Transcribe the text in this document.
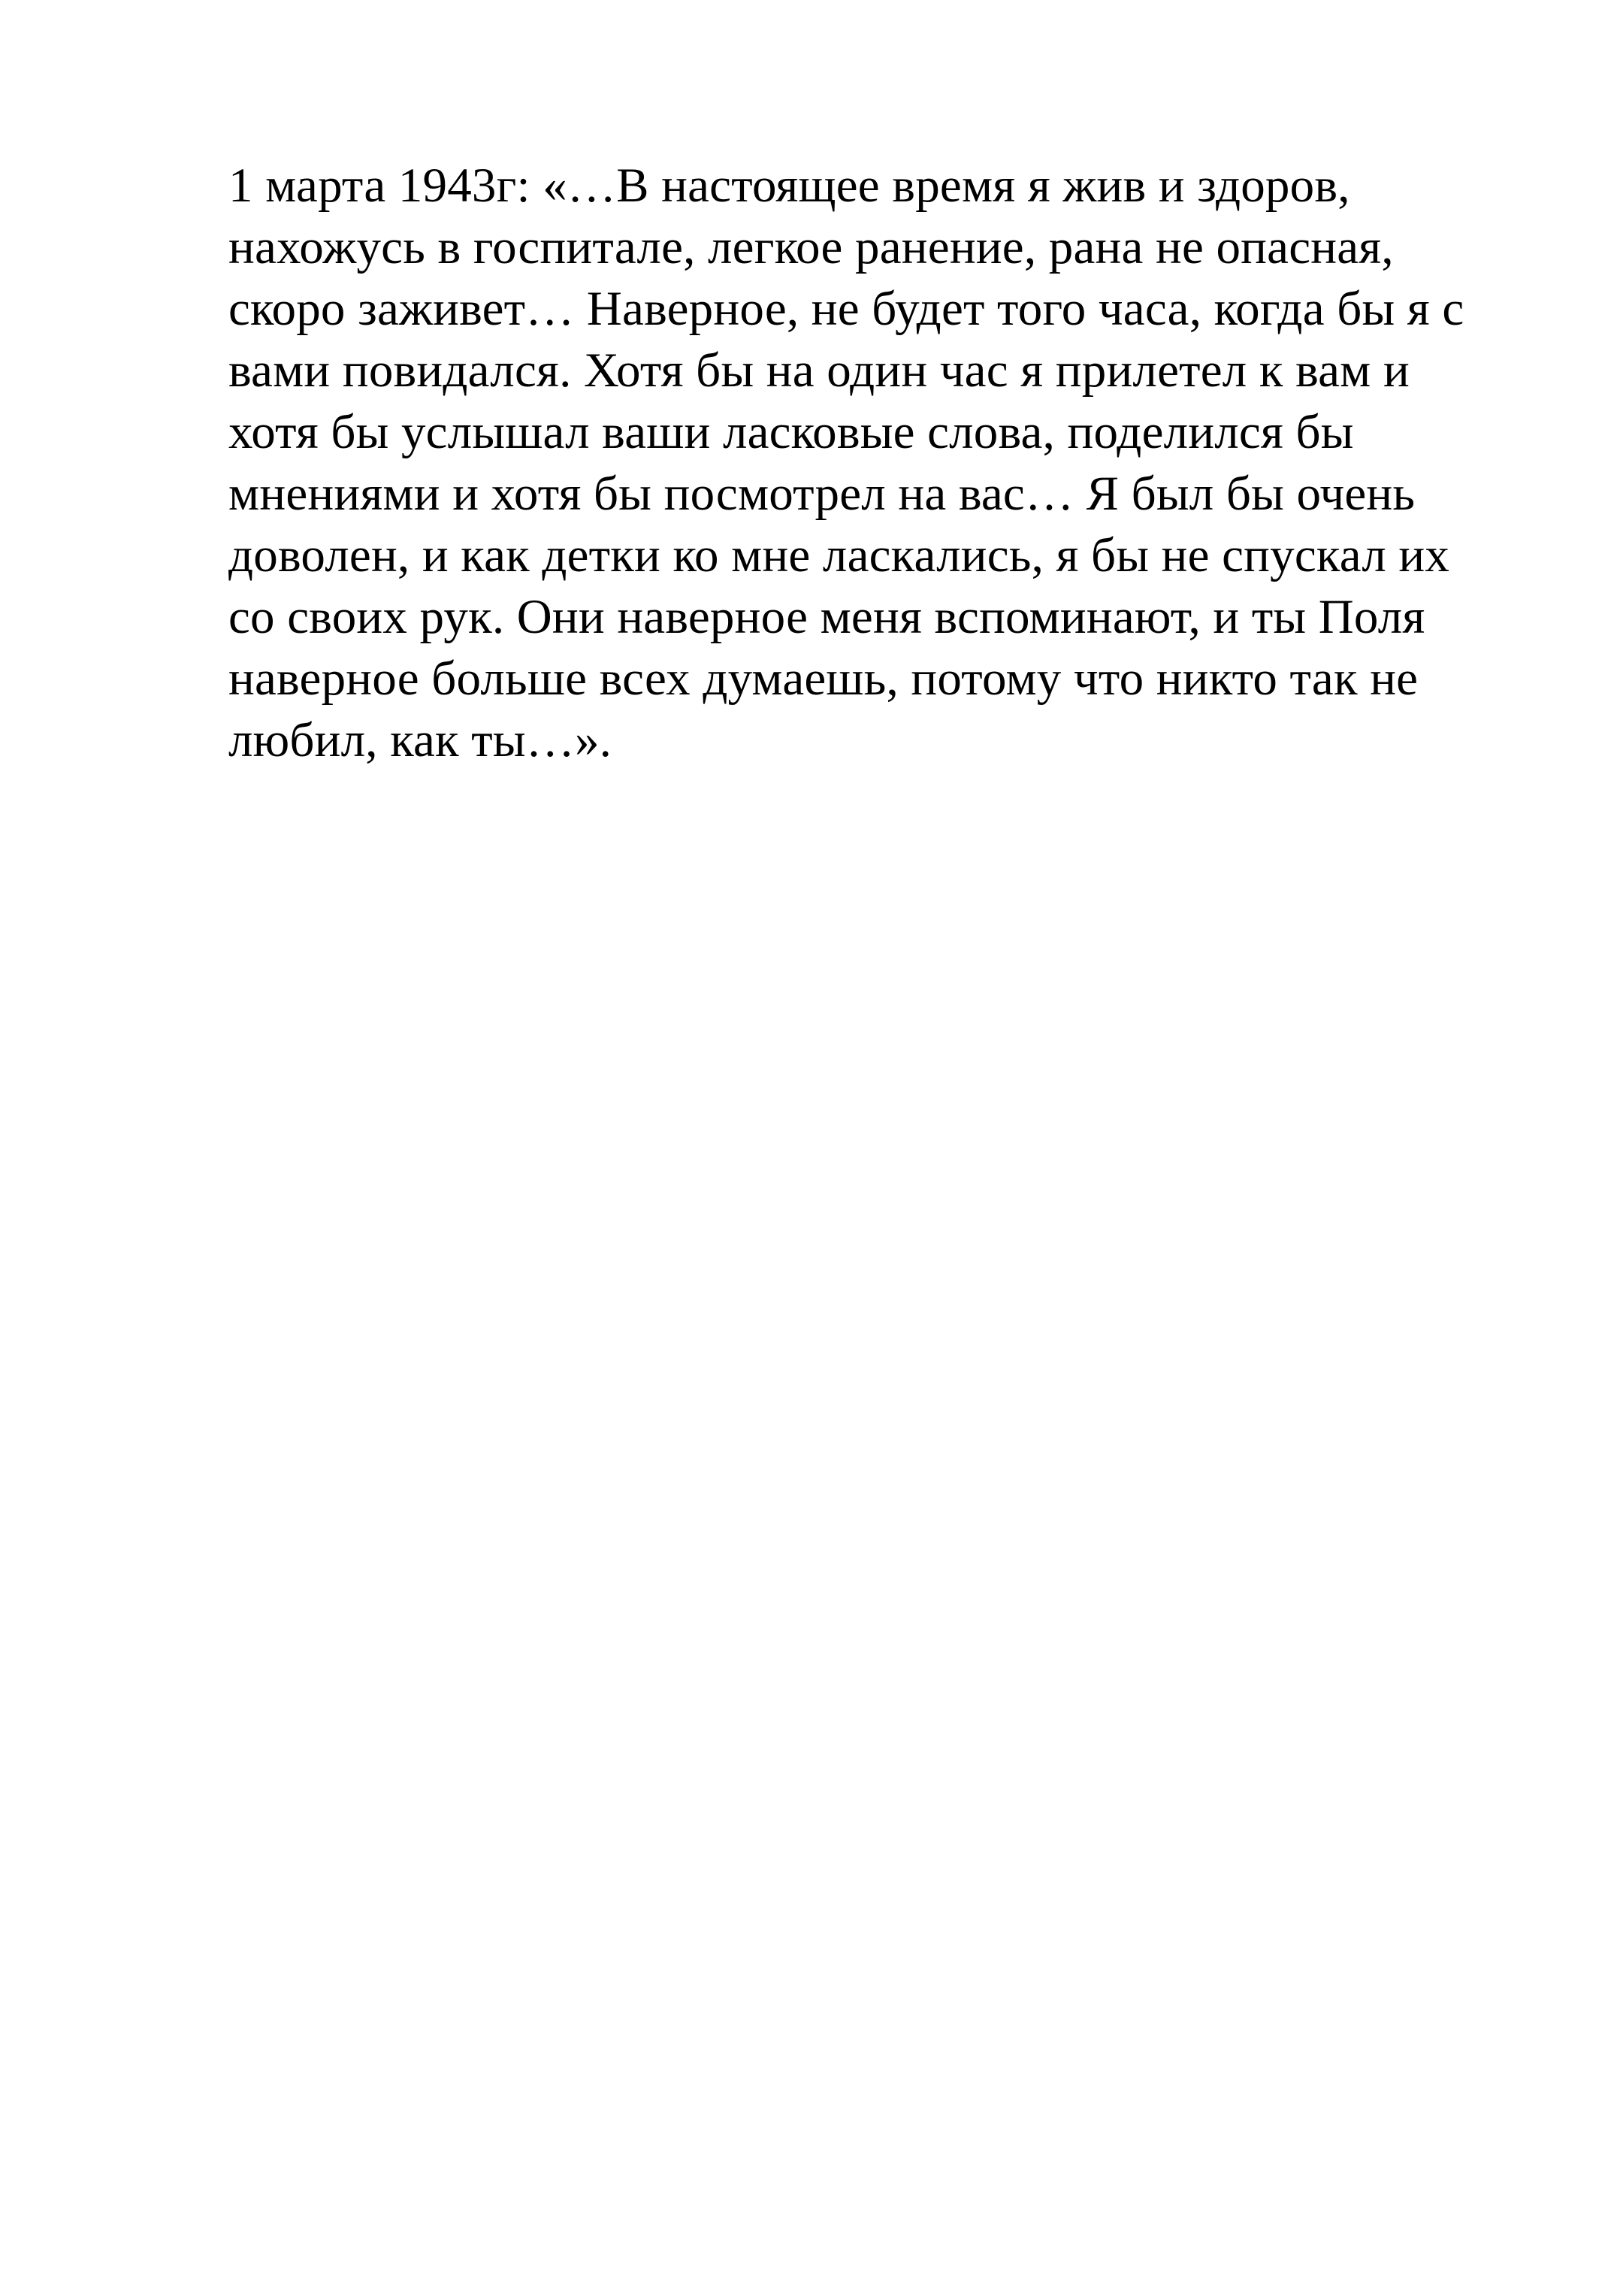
1 марта 1943г: «…В настоящее время я жив и здоров,
нахожусь в госпитале, легкое ранение, рана не опасная,
скоро заживет… Наверное, не будет того часа, когда бы я с
вами повидался. Хотя бы на один час я прилетел к вам и
хотя бы услышал ваши ласковые слова, поделился бы
мнениями и хотя бы посмотрел на вас… Я был бы очень
доволен, и как детки ко мне ласкались, я бы не спускал их
со своих рук. Они наверное меня вспоминают, и ты Поля
наверное больше всех думаешь, потому что никто так не
любил, как ты…».
